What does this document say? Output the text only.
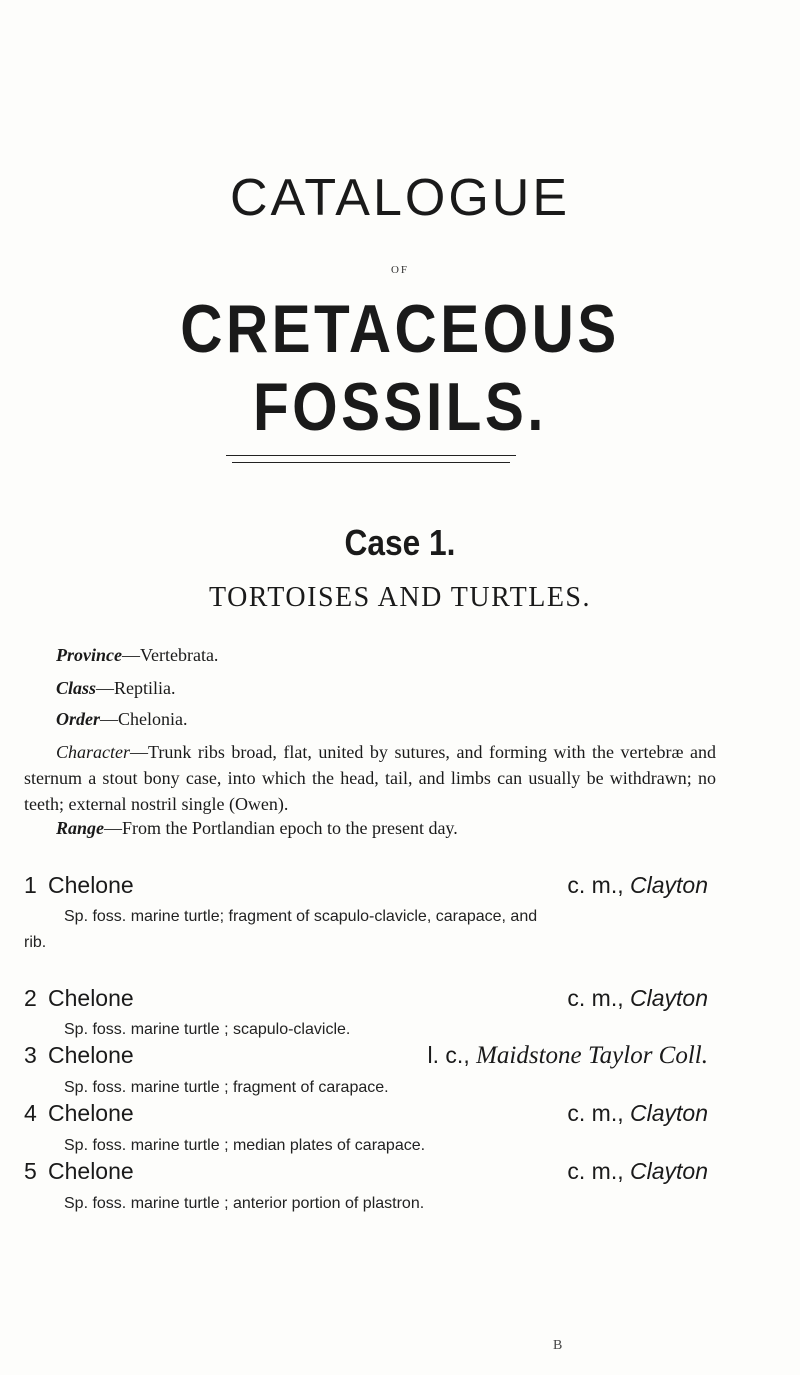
CATALOGUE
OF
CRETACEOUS FOSSILS.
Case 1.
TORTOISES AND TURTLES.
Province—Vertebrata.
Class—Reptilia.
Order—Chelonia.
Character—Trunk ribs broad, flat, united by sutures, and forming with the vertebræ and sternum a stout bony case, into which the head, tail, and limbs can usually be withdrawn; no teeth; external nostril single (Owen).
Range—From the Portlandian epoch to the present day.
1 Chelone	c. m., Clayton
Sp. foss. marine turtle; fragment of scapulo-clavicle, carapace, and
rib.
2 Chelone	c. m., Clayton
Sp. foss. marine turtle ; scapulo-clavicle.
3 Chelone	l. c., Maidstone Taylor Coll.
Sp. foss. marine turtle ; fragment of carapace.
4 Chelone	c. m., Clayton
Sp. foss. marine turtle ; median plates of carapace.
5 Chelone	c. m., Clayton
Sp. foss. marine turtle ; anterior portion of plastron.
B
